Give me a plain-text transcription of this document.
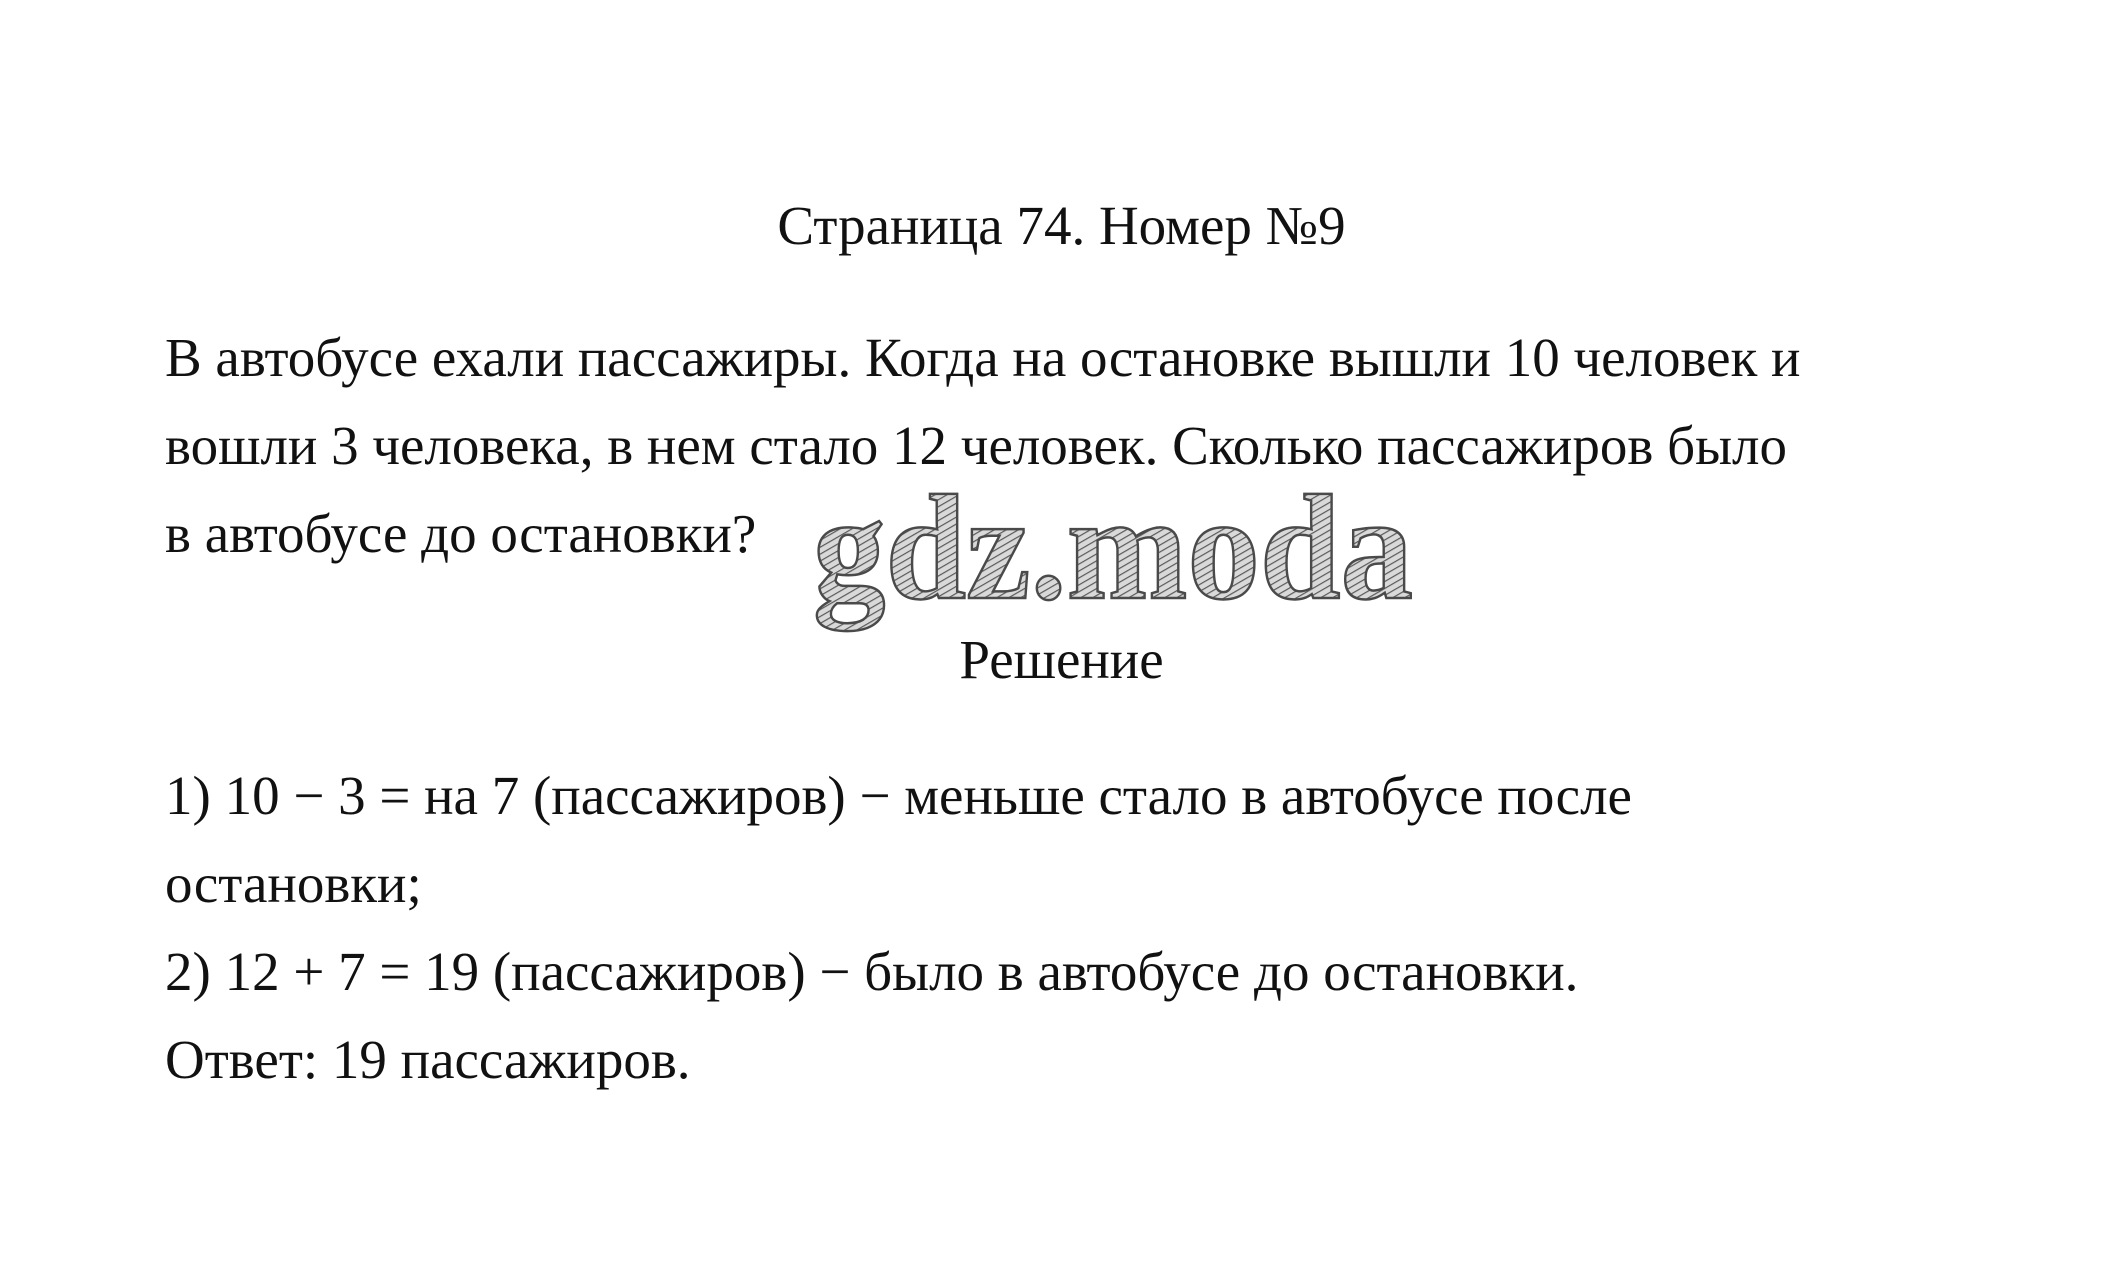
Страница 74. Номер №9
В автобусе ехали пассажиры. Когда на остановке вышли 10 человек и
вошли 3 человека, в нем стало 12 человек. Сколько пассажиров было
в автобусе до остановки? gdz.moda
Решение
1) 10 − 3 = на 7 (пассажиров) − меньше стало в автобусе после
остановки;
2) 12 + 7 = 19 (пассажиров) − было в автобусе до остановки.
Ответ: 19 пассажиров.
